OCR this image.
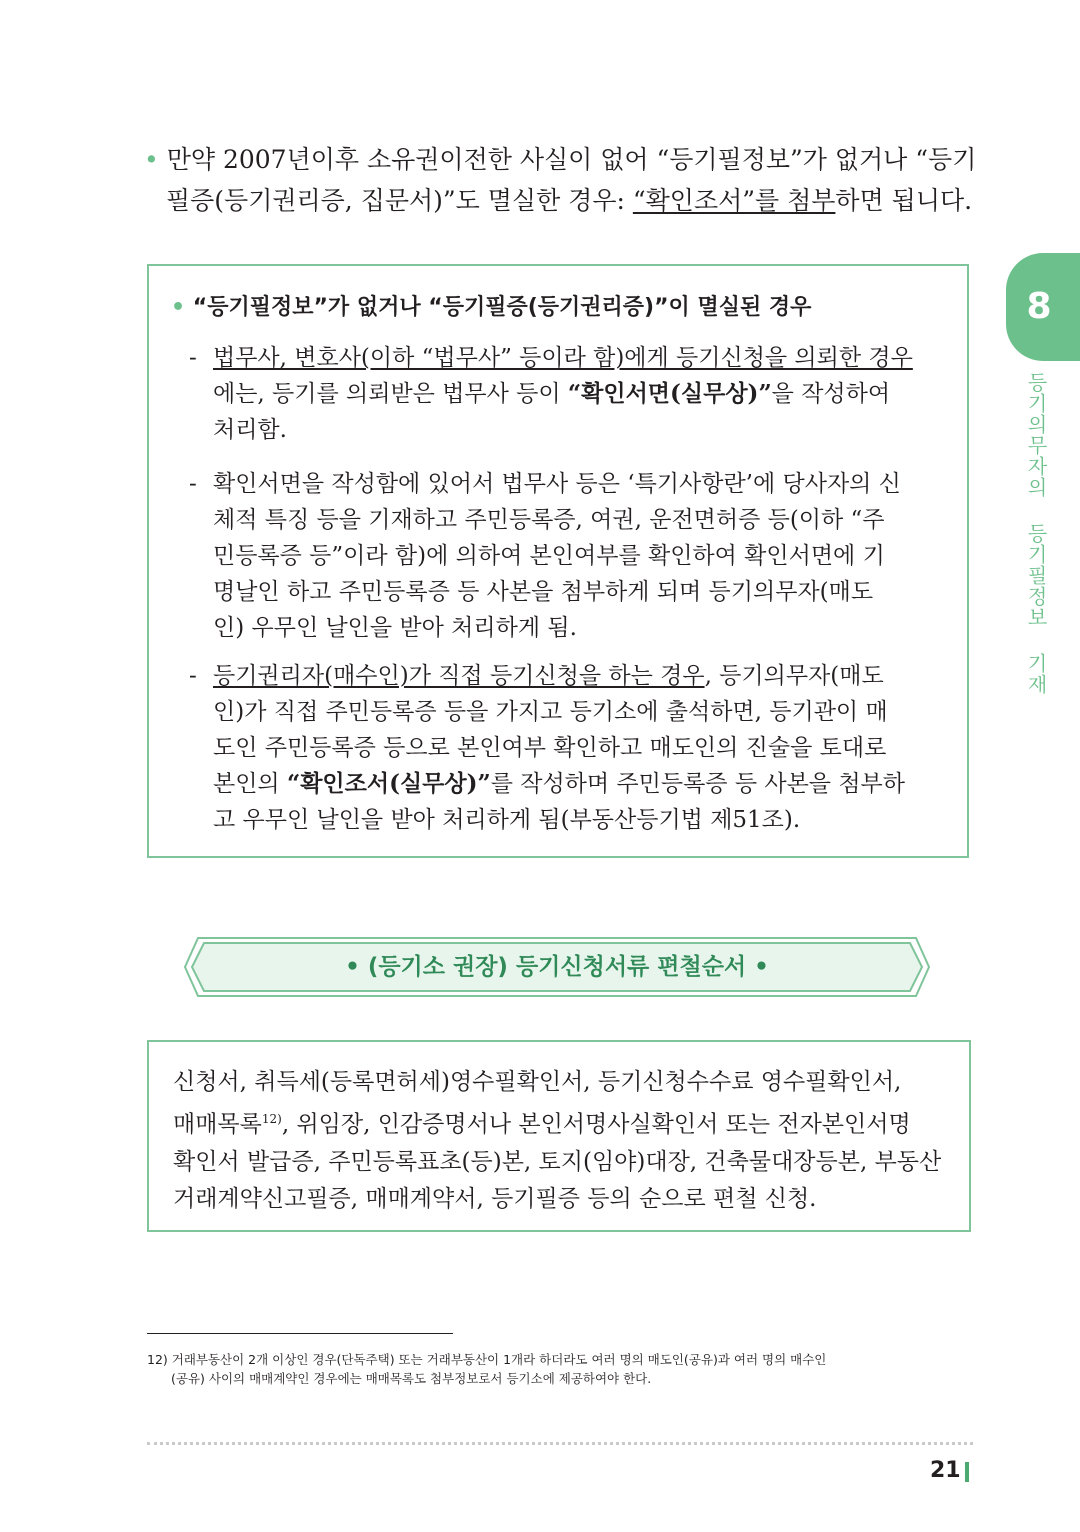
• 만약 2007년이후 소유권이전한 사실이 없어 “등기필정보”가 없거나 “등기
필증(등기권리증, 집문서)”도 멸실한 경우: “확인조서”를 첨부하면 됩니다.
• “등기필정보”가 없거나 “등기필증(등기권리증)”이 멸실된 경우
- 법무사, 변호사(이하 “법무사” 등이라 함)에게 등기신청을 의뢰한 경우
에는, 등기를 의뢰받은 법무사 등이 “확인서면(실무상)”을 작성하여
처리함.
- 확인서면을 작성함에 있어서 법무사 등은 ‘특기사항란’에 당사자의 신
체적 특징 등을 기재하고 주민등록증, 여권, 운전면허증 등(이하 “주
민등록증 등”이라 함)에 의하여 본인여부를 확인하여 확인서면에 기
명날인 하고 주민등록증 등 사본을 첨부하게 되며 등기의무자(매도
인) 우무인 날인을 받아 처리하게 됨.
- 등기권리자(매수인)가 직접 등기신청을 하는 경우, 등기의무자(매도
인)가 직접 주민등록증 등을 가지고 등기소에 출석하면, 등기관이 매
도인 주민등록증 등으로 본인여부 확인하고 매도인의 진술을 토대로
본인의 “확인조서(실무상)”를 작성하며 주민등록증 등 사본을 첨부하
고 우무인 날인을 받아 처리하게 됨(부동산등기법 제51조).
• (등기소 권장) 등기신청서류 편철순서 •
신청서, 취득세(등록면허세)영수필확인서, 등기신청수수료 영수필확인서,
매매목록$^{12)}$, 위임장, 인감증명서나 본인서명사실확인서 또는 전자본인서명
확인서 발급증, 주민등록표초(등)본, 토지(임야)대장, 건축물대장등본, 부동산
거래계약신고필증, 매매계약서, 등기필증 등의 순으로 편철 신청.
12) 거래부동산이 2개 이상인 경우(단독주택) 또는 거래부동산이 1개라 하더라도 여러 명의 매도인(공유)과 여러 명의 매수인
(공유) 사이의 매매계약인 경우에는 매매목록도 첨부정보로서 등기소에 제공하여야 한다.
21
8
등기의무자의 등기필정보 기재
